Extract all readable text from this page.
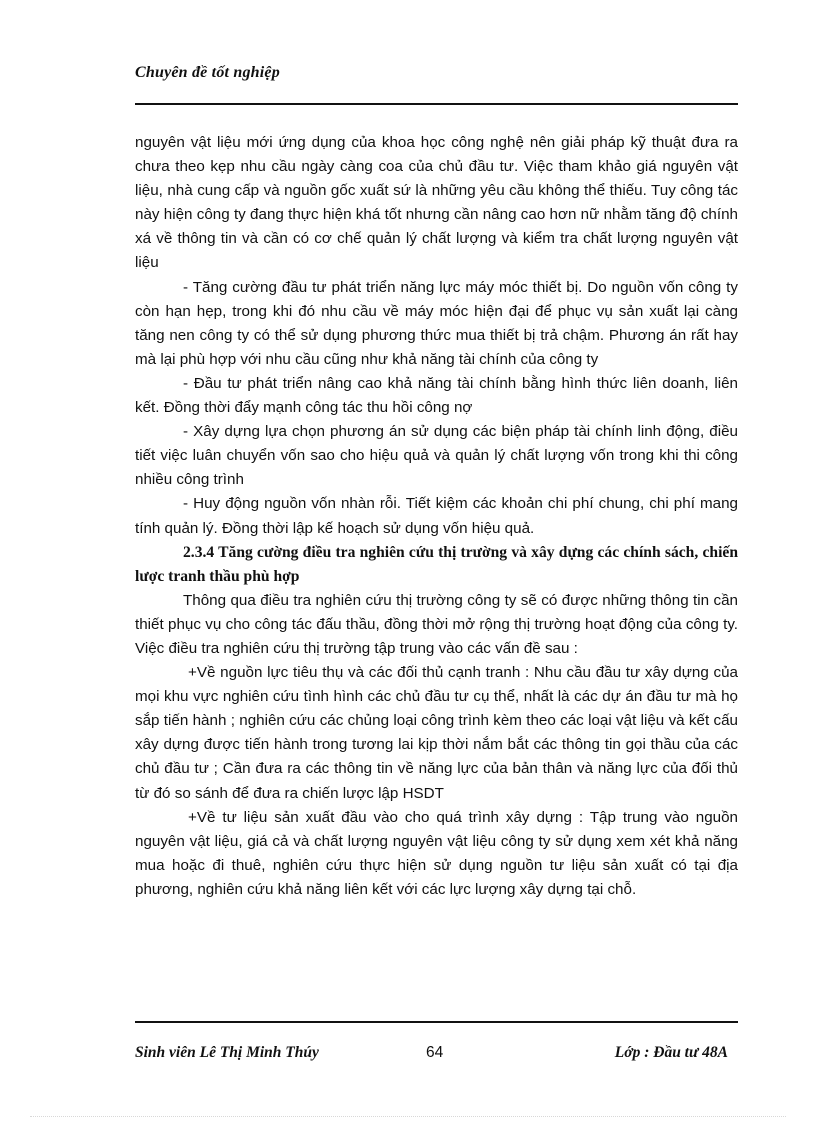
Chuyên đề tốt nghiệp

nguyên vật liệu mới ứng dụng của khoa học công nghệ nên giải pháp kỹ thuật đưa ra chưa theo kẹp nhu cầu ngày càng coa của chủ đầu tư. Việc tham khảo giá nguyên vật liệu, nhà cung cấp và nguồn gốc xuất sứ là những yêu cầu không thể thiếu. Tuy công tác này hiện công ty đang thực hiện khá tốt nhưng cần nâng cao hơn nữ nhằm tăng độ chính xá về thông tin và cần có cơ chế quản lý chất lượng và kiểm tra chất lượng nguyên vật liệu

- Tăng cường đầu tư phát triển năng lực máy móc thiết bị. Do nguồn vốn công ty còn hạn hẹp, trong khi đó nhu cầu về máy móc hiện đại để phục vụ sản xuất lại càng tăng nen công ty có thể sử dụng phương thức mua thiết bị trả chậm. Phương án rất hay mà lại phù hợp với nhu cầu cũng như khả năng tài chính của công ty

- Đầu tư phát triển nâng cao khả năng tài chính bằng hình thức liên doanh, liên kết. Đồng thời đẩy mạnh công tác thu hồi công nợ

- Xây dựng lựa chọn phương án sử dụng các biện pháp tài chính linh động, điều tiết việc luân chuyển vốn sao cho hiệu quả và quản lý chất lượng vốn trong khi thi công nhiều công trình

- Huy động nguồn vốn nhàn rỗi. Tiết kiệm các khoản chi phí chung, chi phí mang tính quản lý. Đồng thời lập kế hoạch sử dụng vốn hiệu quả.

2.3.4 Tăng cường điều tra nghiên cứu thị trường và xây dựng các chính sách, chiến lược tranh thầu phù hợp

Thông qua điều tra nghiên cứu thị trường công ty sẽ có được những thông tin cần thiết phục vụ cho công tác đấu thầu, đồng thời mở rộng thị trường hoạt động của công ty. Việc điều tra nghiên cứu thị trường tập trung vào các vấn đề sau :

+Về nguồn lực tiêu thụ và các đối thủ cạnh tranh : Nhu cầu đầu tư xây dựng của mọi khu vực nghiên cứu tình hình các chủ đầu tư cụ thể, nhất là các dự án đầu tư mà họ sắp tiến hành ; nghiên cứu các chủng loại công trình kèm theo các loại vật liệu và kết cấu xây dựng được tiến hành trong tương lai kịp thời nắm bắt các thông tin gọi thầu của các chủ đầu tư ; Cần đưa ra các thông tin về năng lực của bản thân và năng lực của đối thủ từ đó so sánh để đưa ra chiến lược lập HSDT

+Về tư liệu sản xuất đầu vào cho quá trình xây dựng : Tập trung vào nguồn nguyên vật liệu, giá cả và chất lượng nguyên vật liệu công ty sử dụng xem xét khả năng mua hoặc đi thuê, nghiên cứu thực hiện sử dụng nguồn tư liệu sản xuất có tại địa phương, nghiên cứu khả năng liên kết với các lực lượng xây dựng tại chỗ.

Sinh viên Lê Thị Minh Thúy	64	Lớp : Đầu tư 48A
